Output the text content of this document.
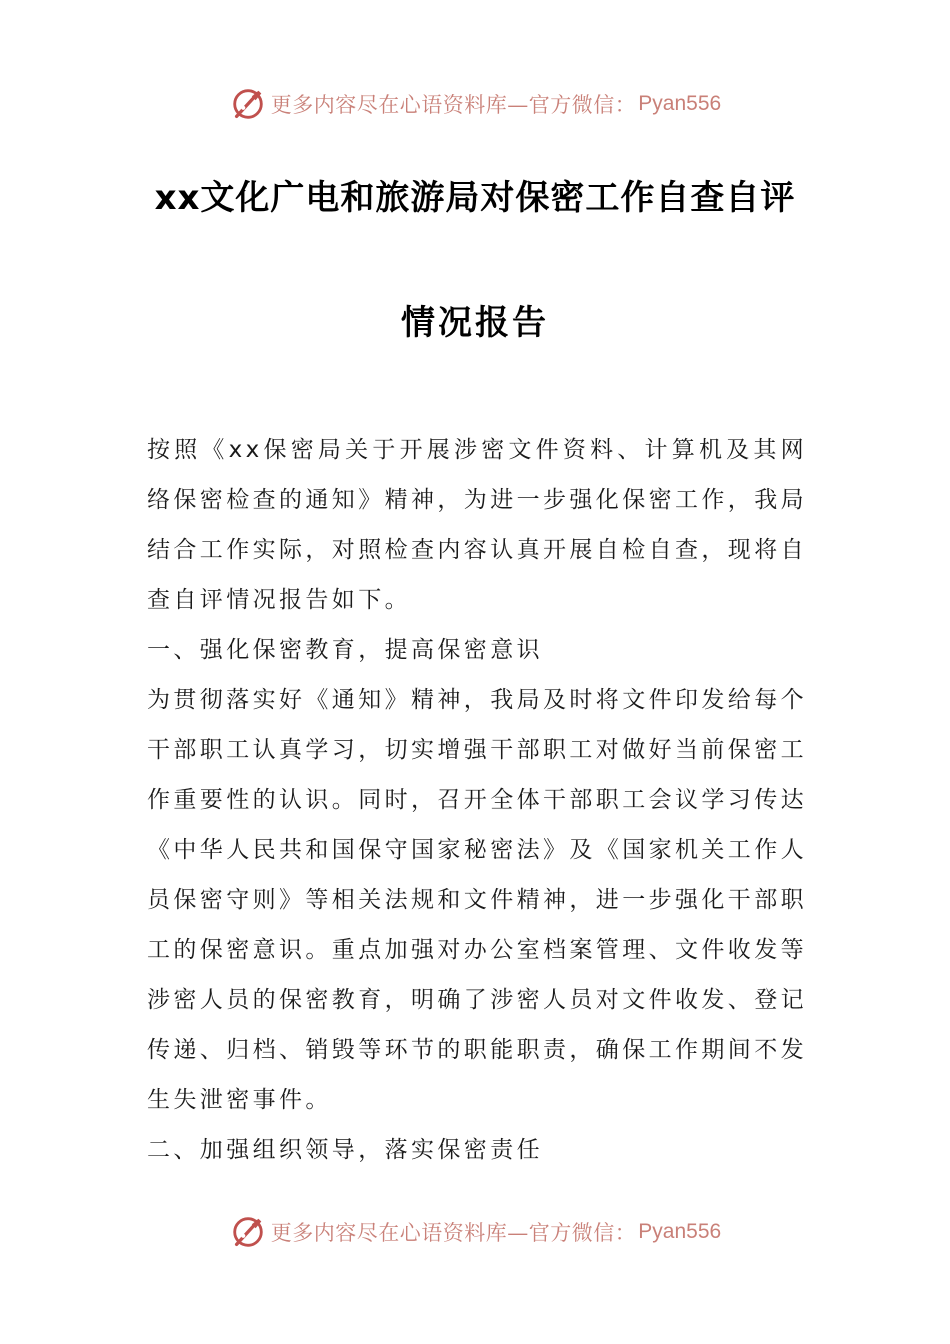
更多内容尽在心语资料库—官方微信： Pyan556
xx文化广电和旅游局对保密工作自查自评
情况报告

按照《xx保密局关于开展涉密文件资料、计算机及其网络保密检查的通知》精神，为进一步强化保密工作，我局结合工作实际，对照检查内容认真开展自检自查，现将自查自评情况报告如下。

一、强化保密教育，提高保密意识

为贯彻落实好《通知》精神，我局及时将文件印发给每个干部职工认真学习，切实增强干部职工对做好当前保密工作重要性的认识。同时，召开全体干部职工会议学习传达《中华人民共和国保守国家秘密法》及《国家机关工作人员保密守则》等相关法规和文件精神，进一步强化干部职工的保密意识。重点加强对办公室档案管理、文件收发等涉密人员的保密教育，明确了涉密人员对文件收发、登记传递、归档、销毁等环节的职能职责，确保工作期间不发生失泄密事件。

二、加强组织领导，落实保密责任

更多内容尽在心语资料库—官方微信： Pyan556
